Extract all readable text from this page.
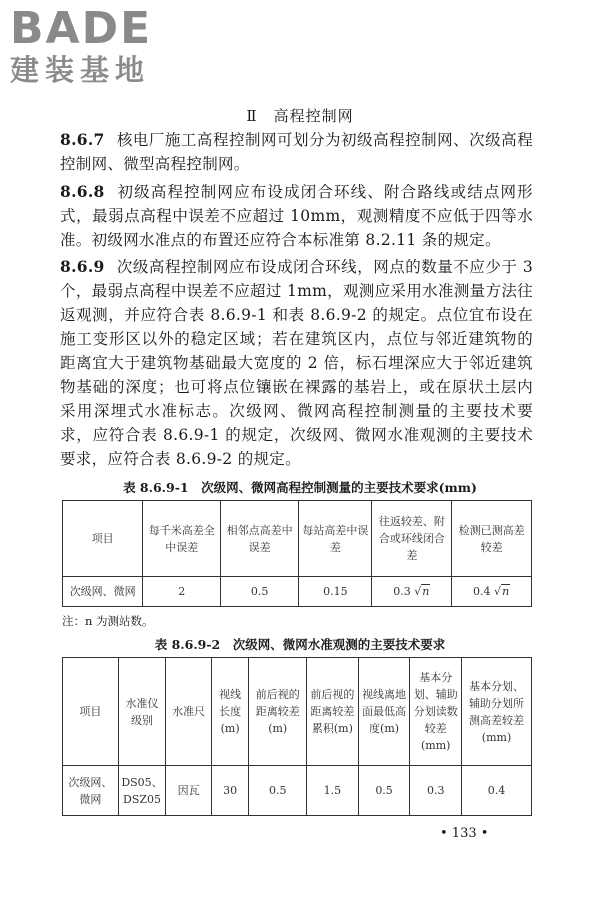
BADE
建装基地
Ⅱ　高程控制网
8.6.7 核电厂施工高程控制网可划分为初级高程控制网、次级高程控制网、微型高程控制网。
8.6.8 初级高程控制网应布设成闭合环线、附合路线或结点网形式，最弱点高程中误差不应超过 10mm，观测精度不应低于四等水准。初级网水准点的布置还应符合本标准第 8.2.11 条的规定。
8.6.9 次级高程控制网应布设成闭合环线，网点的数量不应少于 3 个，最弱点高程中误差不应超过 1mm，观测应采用水准测量方法往返观测，并应符合表 8.6.9-1 和表 8.6.9-2 的规定。点位宜布设在施工变形区以外的稳定区域；若在建筑区内，点位与邻近建筑物的距离宜大于建筑物基础最大宽度的 2 倍，标石埋深应大于邻近建筑物基础的深度；也可将点位镶嵌在裸露的基岩上，或在原状土层内采用深埋式水准标志。次级网、微网高程控制测量的主要技术要求，应符合表 8.6.9-1 的规定，次级网、微网水准观测的主要技术要求，应符合表 8.6.9-2 的规定。
表 8.6.9-1　次级网、微网高程控制测量的主要技术要求(mm)
项目	每千米高差全中误差	相邻点高差中误差	每站高差中误差	往返较差、附合或环线闭合差	检测已测高差较差
次级网、微网	2	0.5	0.15	0.3 √n	0.4 √n
注：n 为测站数。
表 8.6.9-2　次级网、微网水准观测的主要技术要求
项目	水准仪级别	水准尺	视线长度(m)	前后视的距离较差(m)	前后视的距离较差累积(m)	视线离地面最低高度(m)	基本分划、辅助分划读数较差(mm)	基本分划、辅助分划所测高差较差(mm)
次级网、微网	DS05、DSZ05	因瓦	30	0.5	1.5	0.5	0.3	0.4
• 133 •
